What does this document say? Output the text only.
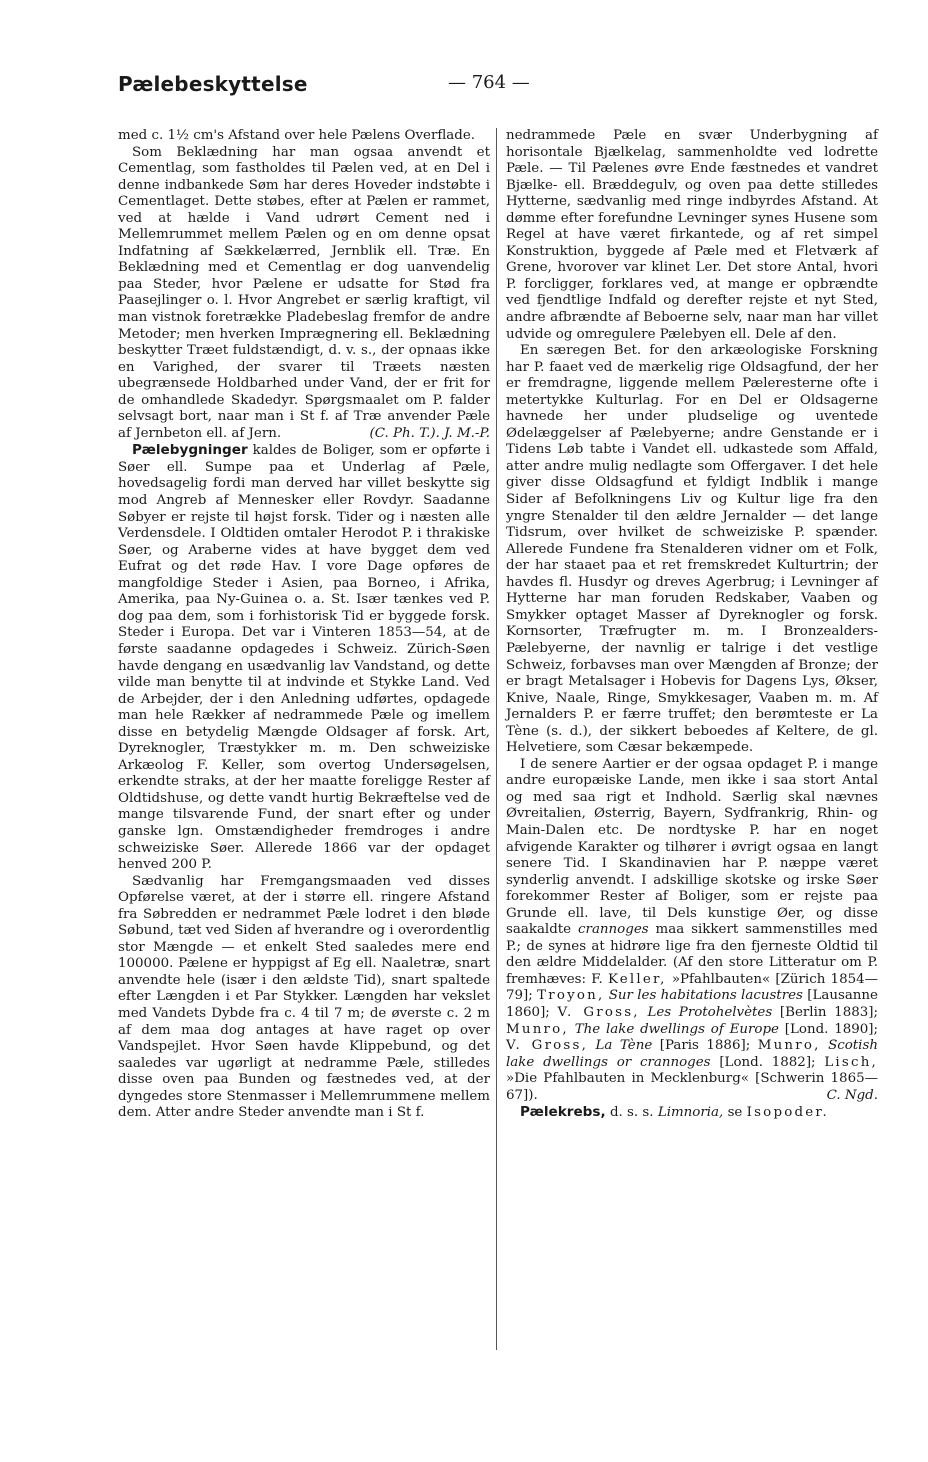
Pælebeskyttelse	— 764 —

med c. 1½ cm's Afstand over hele Pælens Overflade.

Som Beklædning har man ogsaa anvendt et Cementlag, som fastholdes til Pælen ved, at en Del i denne indbankede Søm har deres Hoveder indstøbte i Cementlaget. Dette støbes, efter at Pælen er rammet, ved at hælde i Vand udrørt Cement ned i Mellemrummet mellem Pælen og en om denne opsat Indfatning af Sækkelærred, Jernblik ell. Træ. En Beklædning med et Cementlag er dog uanvendelig paa Steder, hvor Pælene er udsatte for Stød fra Paasejlinger o. l. Hvor Angrebet er særlig kraftigt, vil man vistnok foretrække Pladebeslag fremfor de andre Metoder; men hverken Imprægnering ell. Beklædning beskytter Træet fuldstændigt, d. v. s., der opnaas ikke en Varighed, der svarer til Træets næsten ubegrænsede Holdbarhed under Vand, der er frit for de omhandlede Skadedyr. Spørgsmaalet om P. falder selvsagt bort, naar man i St f. af Træ anvender Pæle af Jernbeton ell. af Jern.	(C. Ph. T.). J. M.-P.

Pælebygninger kaldes de Boliger, som er opførte i Søer ell. Sumpe paa et Underlag af Pæle, hovedsagelig fordi man derved har villet beskytte sig mod Angreb af Mennesker eller Rovdyr. Saadanne Søbyer er rejste til højst forsk. Tider og i næsten alle Verdensdele. I Oldtiden omtaler Herodot P. i thrakiske Søer, og Araberne vides at have bygget dem ved Eufrat og det røde Hav. I vore Dage opføres de mangfoldige Steder i Asien, paa Borneo, i Afrika, Amerika, paa Ny-Guinea o. a. St. Især tænkes ved P. dog paa dem, som i forhistorisk Tid er byggede forsk. Steder i Europa. Det var i Vinteren 1853—54, at de første saadanne opdagedes i Schweiz. Zürich-Søen havde dengang en usædvanlig lav Vandstand, og dette vilde man benytte til at indvinde et Stykke Land. Ved de Arbejder, der i den Anledning udførtes, opdagede man hele Rækker af nedrammede Pæle og imellem disse en betydelig Mængde Oldsager af forsk. Art, Dyreknogler, Træstykker m. m. Den schweiziske Arkæolog F. Keller, som overtog Undersøgelsen, erkendte straks, at der her maatte foreligge Rester af Oldtidshuse, og dette vandt hurtig Bekræftelse ved de mange tilsvarende Fund, der snart efter og under ganske lgn. Omstændigheder fremdroges i andre schweiziske Søer. Allerede 1866 var der opdaget henved 200 P.

Sædvanlig har Fremgangsmaaden ved disses Opførelse været, at der i større ell. ringere Afstand fra Søbredden er nedrammet Pæle lodret i den bløde Søbund, tæt ved Siden af hverandre og i overordentlig stor Mængde — et enkelt Sted saaledes mere end 100000. Pælene er hyppigst af Eg ell. Naaletræ, snart anvendte hele (især i den ældste Tid), snart spaltede efter Længden i et Par Stykker. Længden har vekslet med Vandets Dybde fra c. 4 til 7 m; de øverste c. 2 m af dem maa dog antages at have raget op over Vandspejlet. Hvor Søen havde Klippebund, og det saaledes var ugørligt at nedramme Pæle, stilledes disse oven paa Bunden og fæstnedes ved, at der dyngedes store Stenmasser i Mellemrummene mellem dem. Atter andre Steder anvendte man i St f.

nedrammede Pæle en svær Underbygning af horisontale Bjælkelag, sammenholdte ved lodrette Pæle. — Til Pælenes øvre Ende fæstnedes et vandret Bjælke- ell. Bræddegulv, og oven paa dette stilledes Hytterne, sædvanlig med ringe indbyrdes Afstand. At dømme efter forefundne Levninger synes Husene som Regel at have været firkantede, og af ret simpel Konstruktion, byggede af Pæle med et Fletværk af Grene, hvorover var klinet Ler. Det store Antal, hvori P. forcligger, forklares ved, at mange er opbrændte ved fjendtlige Indfald og derefter rejste et nyt Sted, andre afbrændte af Beboerne selv, naar man har villet udvide og omregulere Pælebyen ell. Dele af den.

En særegen Bet. for den arkæologiske Forskning har P. faaet ved de mærkelig rige Oldsagfund, der her er fremdragne, liggende mellem Pæleresterne ofte i metertykke Kulturlag. For en Del er Oldsagerne havnede her under pludselige og uventede Ødelæggelser af Pælebyerne; andre Genstande er i Tidens Løb tabte i Vandet ell. udkastede som Affald, atter andre mulig nedlagte som Offergaver. I det hele giver disse Oldsagfund et fyldigt Indblik i mange Sider af Befolkningens Liv og Kultur lige fra den yngre Stenalder til den ældre Jernalder — det lange Tidsrum, over hvilket de schweiziske P. spænder. Allerede Fundene fra Stenalderen vidner om et Folk, der har staaet paa et ret fremskredet Kulturtrin; der havdes fl. Husdyr og dreves Agerbrug; i Levninger af Hytterne har man foruden Redskaber, Vaaben og Smykker optaget Masser af Dyreknogler og forsk. Kornsorter, Træfrugter m. m. I Bronzealders-Pælebyerne, der navnlig er talrige i det vestlige Schweiz, forbavses man over Mængden af Bronze; der er bragt Metalsager i Hobevis for Dagens Lys, Økser, Knive, Naale, Ringe, Smykkesager, Vaaben m. m. Af Jernalders P. er færre truffet; den berømteste er La Tène (s. d.), der sikkert beboedes af Keltere, de gl. Helvetiere, som Cæsar bekæmpede.

I de senere Aartier er der ogsaa opdaget P. i mange andre europæiske Lande, men ikke i saa stort Antal og med saa rigt et Indhold. Særlig skal nævnes Øvreitalien, Østerrig, Bayern, Sydfrankrig, Rhin- og Main-Dalen etc. De nordtyske P. har en noget afvigende Karakter og tilhører i øvrigt ogsaa en langt senere Tid. I Skandinavien har P. næppe været synderlig anvendt. I adskillige skotske og irske Søer forekommer Rester af Boliger, som er rejste paa Grunde ell. lave, til Dels kunstige Øer, og disse saakaldte crannoges maa sikkert sammenstilles med P.; de synes at hidrøre lige fra den fjerneste Oldtid til den ældre Middelalder. (Af den store Litteratur om P. fremhæves: F. Keller, »Pfahlbauten« [Zürich 1854—79]; Troyon, Sur les habitations lacustres [Lausanne 1860]; V. Gross, Les Protohelvètes [Berlin 1883]; Munro, The lake dwellings of Europe [Lond. 1890]; V. Gross, La Tène [Paris 1886]; Munro, Scotish lake dwellings or crannoges [Lond. 1882]; Lisch, »Die Pfahlbauten in Mecklenburg« [Schwerin 1865—67]).	C. Ngd.

Pælekrebs, d. s. s. Limnoria, se Isopoder.
